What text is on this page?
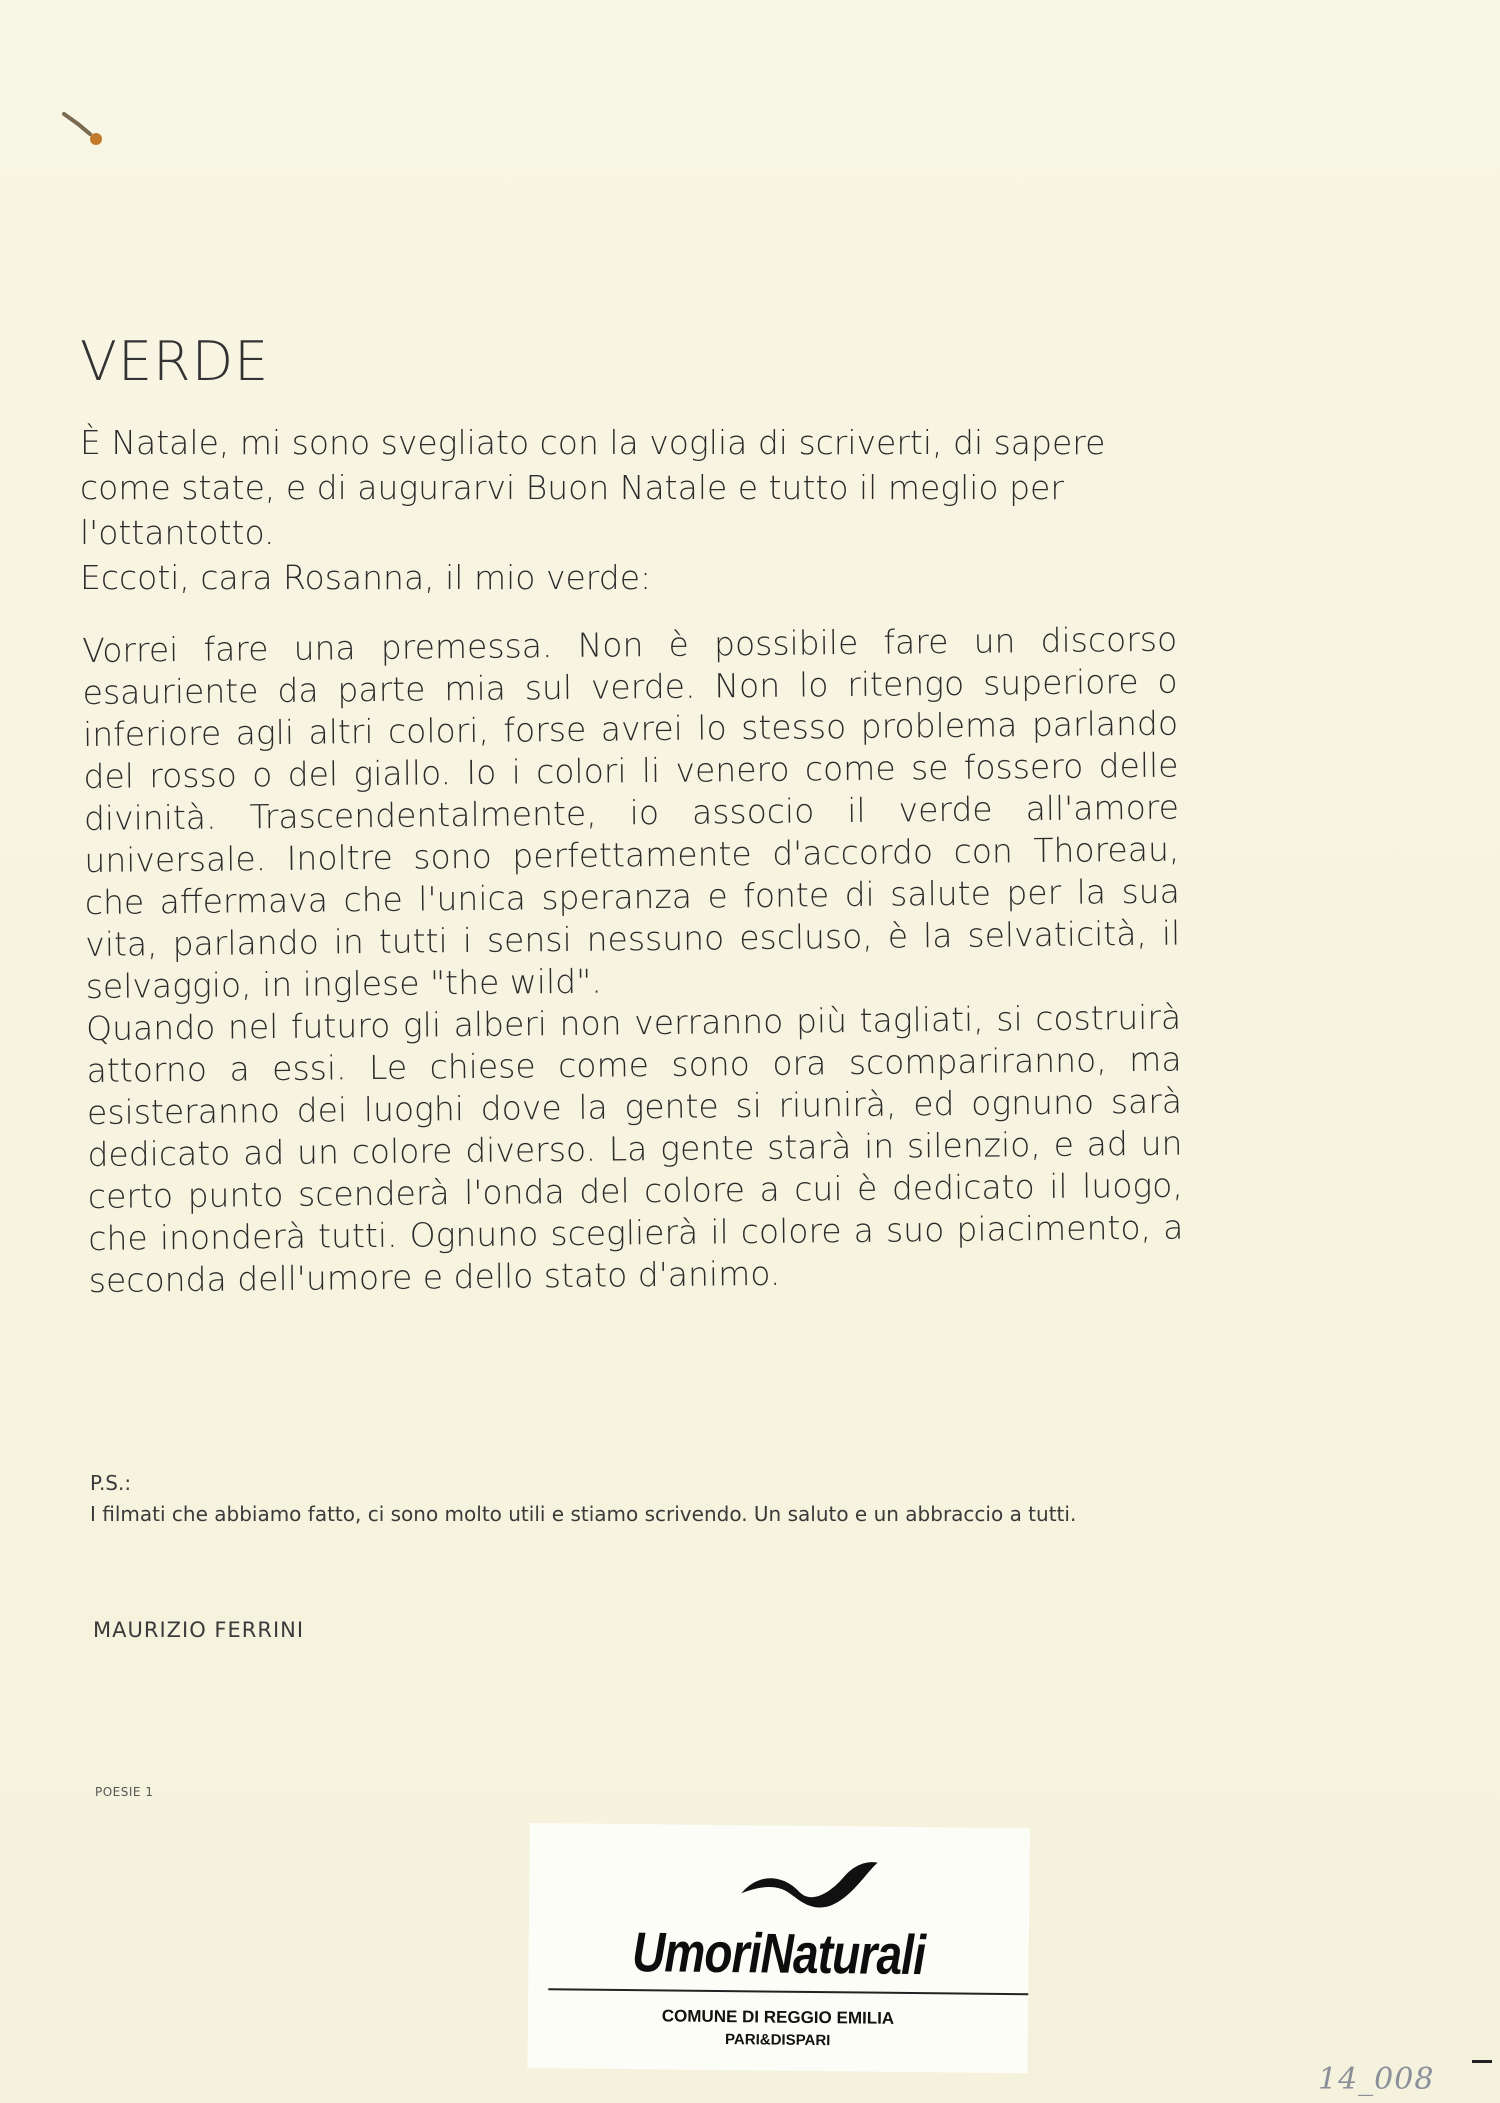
VERDE

È Natale, mi sono svegliato con la voglia di scriverti, di sapere
come state, e di augurarvi Buon Natale e tutto il meglio per
l'ottantotto.

Eccoti, cara Rosanna, il mio verde:

Vorrei fare una premessa. Non è possibile fare un discorso esauriente da parte mia sul verde. Non lo ritengo superiore o inferiore agli altri colori, forse avrei lo stesso problema parlando del rosso o del giallo. Io i colori li venero come se fossero delle divinità. Trascendentalmente, io associo il verde all'amore universale. Inoltre sono perfettamente d'accordo con Thoreau, che affermava che l'unica speranza e fonte di salute per la sua vita, parlando in tutti i sensi nessuno escluso, è la selvaticità, il selvaggio, in inglese "the wild".

Quando nel futuro gli alberi non verranno più tagliati, si costruirà attorno a essi. Le chiese come sono ora scompariranno, ma esisteranno dei luoghi dove la gente si riunirà, ed ognuno sarà dedicato ad un colore diverso. La gente starà in silenzio, e ad un certo punto scenderà l'onda del colore a cui è dedicato il luogo, che inonderà tutti. Ognuno sceglierà il colore a suo piacimento, a seconda dell'umore e dello stato d'animo.

P.S.:
I filmati che abbiamo fatto, ci sono molto utili e stiamo scrivendo. Un saluto e un abbraccio a tutti.
MAURIZIO FERRINI
POESIE 1
UmoriNaturali
COMUNE DI REGGIO EMILIA
PARI&DISPARI
14_008
